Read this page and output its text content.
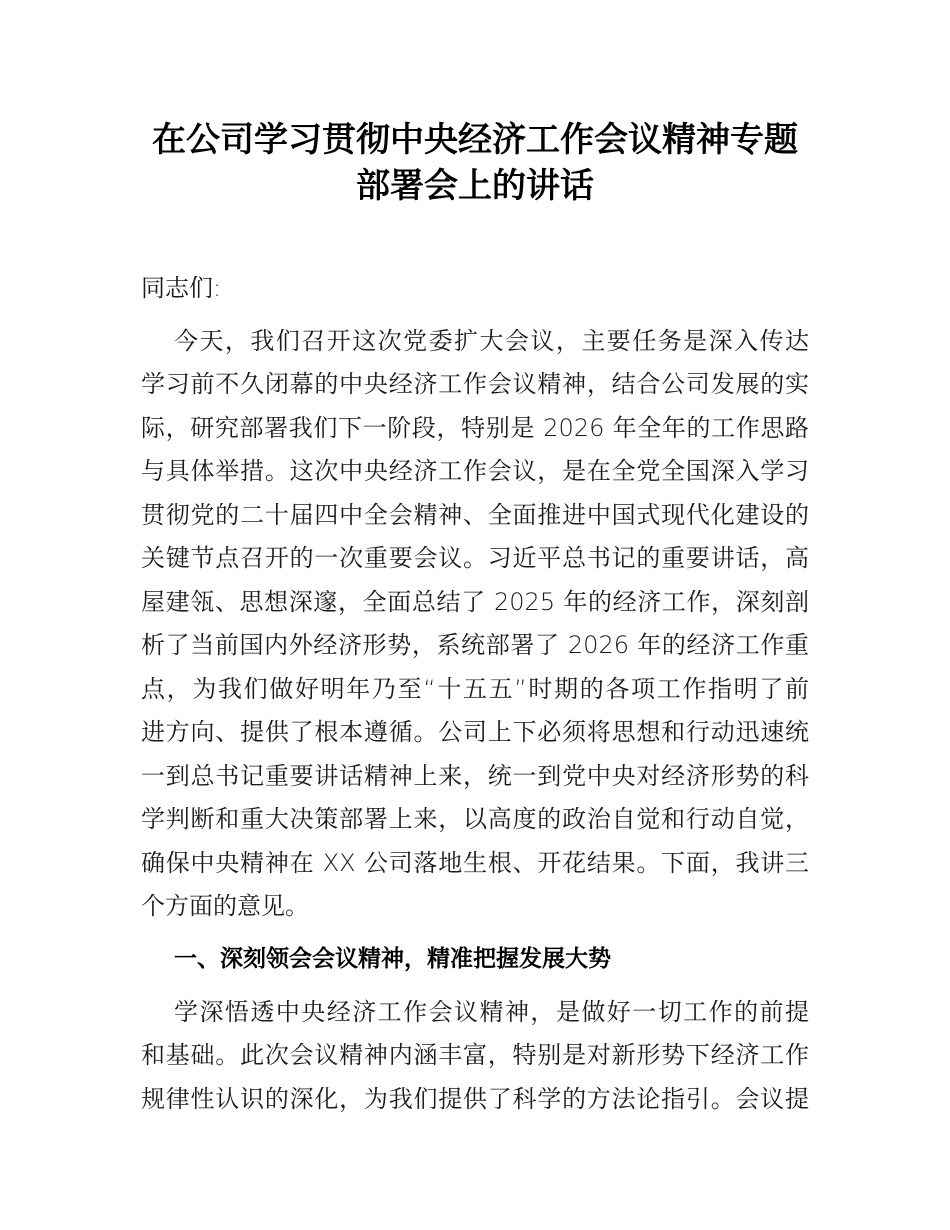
在公司学习贯彻中央经济工作会议精神专题
部署会上的讲话
同志们:
今天，我们召开这次党委扩大会议，主要任务是深入传达
学习前不久闭幕的中央经济工作会议精神，结合公司发展的实
际，研究部署我们下一阶段，特别是 2026 年全年的工作思路
与具体举措。这次中央经济工作会议，是在全党全国深入学习
贯彻党的二十届四中全会精神、全面推进中国式现代化建设的
关键节点召开的一次重要会议。习近平总书记的重要讲话，高
屋建瓴、思想深邃，全面总结了 2025 年的经济工作，深刻剖
析了当前国内外经济形势，系统部署了 2026 年的经济工作重
点，为我们做好明年乃至“十五五”时期的各项工作指明了前
进方向、提供了根本遵循。公司上下必须将思想和行动迅速统
一到总书记重要讲话精神上来，统一到党中央对经济形势的科
学判断和重大决策部署上来，以高度的政治自觉和行动自觉，
确保中央精神在 XX 公司落地生根、开花结果。下面，我讲三
个方面的意见。
一、深刻领会会议精神，精准把握发展大势
学深悟透中央经济工作会议精神，是做好一切工作的前提
和基础。此次会议精神内涵丰富，特别是对新形势下经济工作
规律性认识的深化，为我们提供了科学的方法论指引。会议提
